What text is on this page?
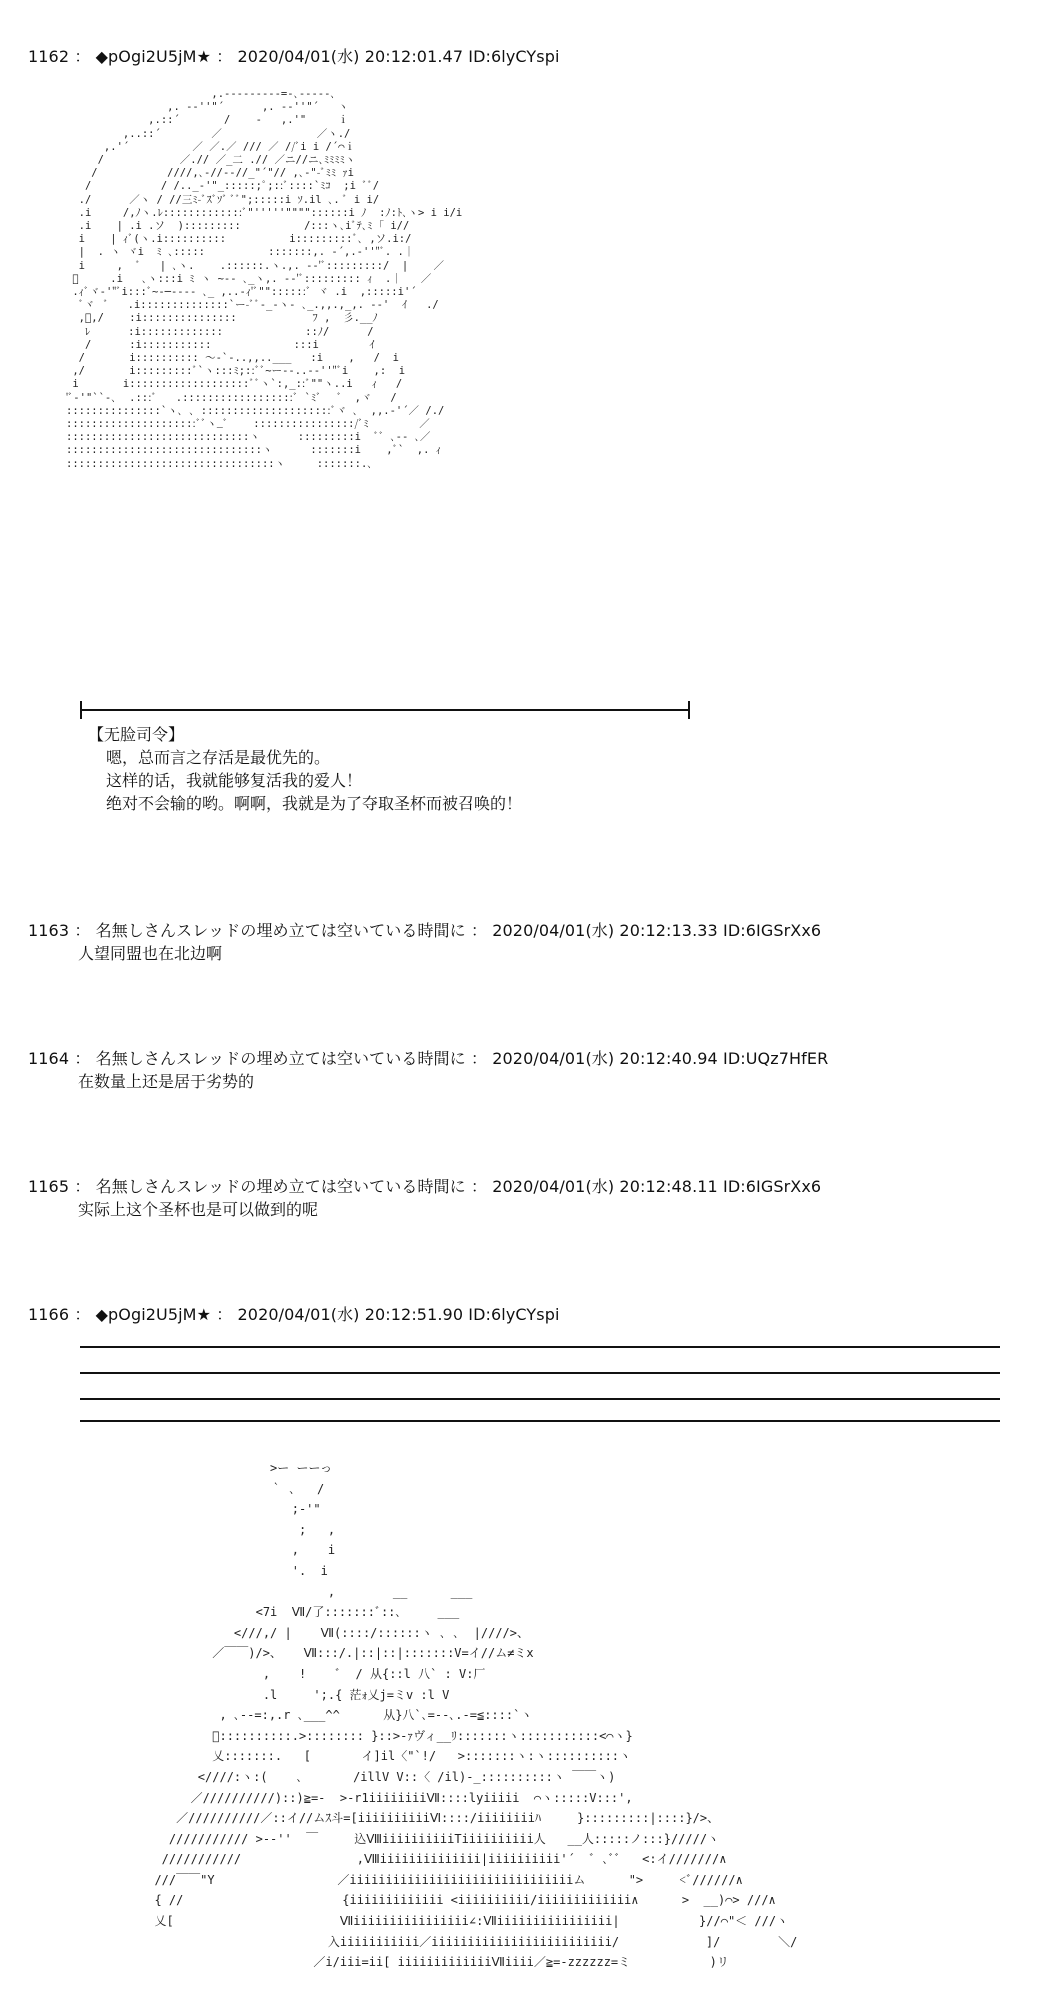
1162 ： ◆pOgi2U5jM★ ： 2020/04/01(水) 20:12:01.47 ID:6lyCYspi
,.-‐‐‐‐‐‐‐‐=-､-‐‐‐‐､
,. -‐''"´      ,. -‐''"´   ヽ
,.::´       /    -   ,.'"     ｉ
,..::´        ／               ／ヽ./
,.'´          ／ ／.／ /// ／ //ﾞi i /´⌒ｉ
/            ／.// ／_二 .// ／ニ//ニ､ﾐﾐﾐﾐヽ
/           ////,､-//--//_"´"// ,､-"-ﾞﾐﾐ ｧi
/           / /.._-'"_:::::;ﾟ;::ﾞ::::`ﾐｺ  ;i ﾞﾞ/
./      ／ヽ / //三ﾐ-ﾞｽﾞｿﾞ ﾞﾞ";:::::i ｿ.il ､. ﾞ i i/
.i     /,ﾉヽ.ﾚ:::::::::::::ﾞ"'''''""""::::::i ﾉ  :ﾉ:ﾄ､ヽ> i i/i
.i    | .i .ソ  ):::::::::          /:::ヽ､iﾞﾃ､ﾐ ｢ i//
i    | ｨﾞ(ヽ.i::::::::::          i:::::::::ﾞ､ ,ソ.i:/
|  . ヽ ヾi  ﾐ ､:::::          :::::::,. -´,.-''"ﾞ. .｜
i     ,  ﾞ   | ､ヽ.    .::::::.ヽ.,. -‐'ﾞ:::::::::/  |    ／
ﾞ     .i   ､ヽ:::i ﾐ ヽ ~‐- ､_ヽ,. -‐'ﾞ::::::::: ｨ  .｜   ／
.ｨﾞヾ‐'"ﾞi:::ﾞ~-─‐--- ､_ ,..-ｨ'ﾞ""::::::ﾞ ヾ .i  ,:::::i'´
ﾞヾ  ﾞ   .i::::::::::::::`ー-ﾞﾞ-_-ヽ‐ ､_.,,.,_,. -‐'  ｲ   ./
,ﾞ,/    :i:::::::::::::::            ﾌ ,  彡.__ﾉ
ﾚ      :i:::::::::::::             ::ﾉ/      /
/      :i:::::::::::             :::i        ｲ
/       i:::::::::: ～-`-..,,..___   :i    ,   /  i
,/       i:::::::::ﾞ`ヽ:::ﾐ;::ﾞﾞ~ー‐-..--''"ﾞi    ,:  i
i       i:::::::::::::::::::ﾞﾞヽ`:,_::ﾞ""ヽ..i   ｨ   /
'ﾞ‐'"``-､  .:::ﾞ   .::::::::::::::::::ﾞ `ﾐﾞ   ﾞ  ,ヾ   /
:::::::::::::::`ヽ､ ､ :::::::::::::::::::::ﾞヾ ､  ,,.‐'´／ /./
:::::::::::::::::::::ﾞﾞヽ_ﾞ    ::::::::::::::::/ﾞﾐ        ／
:::::::::::::::::::::::::::::ヽ      :::::::::i  ﾞﾞ ､-- ､／
:::::::::::::::::::::::::::::::ヽ      :::::::i    ,ﾞ`  ,. ｨ
:::::::::::::::::::::::::::::::::ヽ     :::::::.､
【无脸司令】
嗯，总而言之存活是最优先的。
这样的话，我就能够复活我的爱人！
绝对不会输的哟。啊啊，我就是为了夺取圣杯而被召唤的！
1163 ： 名無しさんスレッドの埋め立ては空いている時間に ： 2020/04/01(水) 20:12:13.33 ID:6IGSrXx6
人望同盟也在北边啊
1164 ： 名無しさんスレッドの埋め立ては空いている時間に ： 2020/04/01(水) 20:12:40.94 ID:UQz7HfER
在数量上还是居于劣势的
1165 ： 名無しさんスレッドの埋め立ては空いている時間に ： 2020/04/01(水) 20:12:48.11 ID:6IGSrXx6
实际上这个圣杯也是可以做到的呢
1166 ： ◆pOgi2U5jM★ ： 2020/04/01(水) 20:12:51.90 ID:6lyCYspi
>ー ーーっ
｀ ､   /
;-'"
;   ,
,    i
'.  i
,        __      ___
<7i  Ⅶ/了:::::::ﾞ::､     ___
<///,/ |    Ⅶ(::::/::::::ヽ ､ ､  |////>、
／￣￣)/>、   Ⅶ:::/.|::|::|:::::::V=イ//ム≠ミx
,    !    ﾞ  / 从{::l 八` : V:厂
.l     ';.{ 茫ｫ乂j=ミv :l V
, ､--=:,.r ､___^^      从}八`､=--､.-=≦::::`ヽ
ﾞ::::::::::.>:::::::: }::>-ｧヴィ__ﾘ:::::::ヽ:::::::::::<⌒ヽ}
乂:::::::.   [       イ]il〈"`!/   >:::::::ヽ:ヽ::::::::::ヽ
<////:ヽ:(    ､       /illV V::〈 /il)-_::::::::::ヽ ￣￣ヽ)
／//////////)::)≧=-  >-r1iiiiiiiiⅦ::::lyiiiii  ⌒ヽ:::::V:::',
／//////////／::イ//ムｽ斗=[iiiiiiiiiiⅥ::::/iiiiiiiiﾊ     }:::::::::|::::}/>、
/////////// >--''  ￣     込ⅧiiiiiiiiiiTiiiiiiiiii人   __人:::::ノ:::}/////ヽ
///////////                ,Ⅷiiiiiiiiiiiiii|iiiiiiiiii'´  ﾞ ､ﾞﾞ   <:イ///////∧
///￣￣"Y                 ／iiiiiiiiiiiiiiiiiiiiiiiiiiiiiiiム      ">     <ﾞ//////∧
{ //                      {iiiiiiiiiiiii <iiiiiiiiii/iiiiiiiiiiiii∧      >  __)⌒> ///∧
乂[                       Ⅶiiiiiiiiiiiiiiii∠:Ⅶiiiiiiiiiiiiiiii|           }//⌒"＜ ///ヽ
入iiiiiiiiiii／iiiiiiiiiiiiiiiiiiiiiiiii/            ]/        ＼/
／i/iii=ii[ iiiiiiiiiiiiiⅦiiii／≧=-zzzzzz=ミ           )リ
